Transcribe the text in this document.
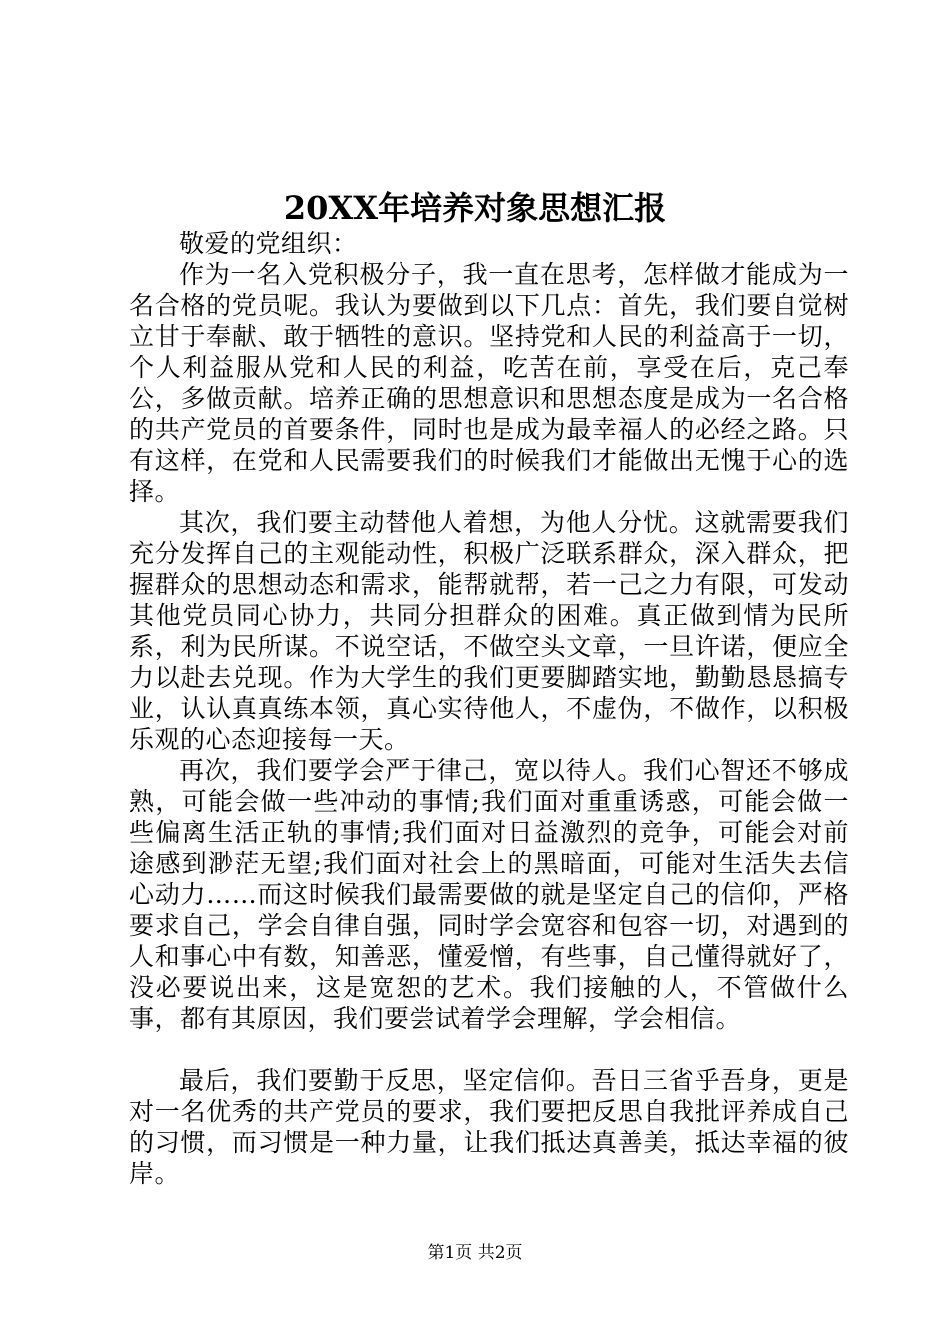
20XX年培养对象思想汇报

敬爱的党组织：

作为一名入党积极分子，我一直在思考，怎样做才能成为一名合格的党员呢。我认为要做到以下几点：首先，我们要自觉树立甘于奉献、敢于牺牲的意识。坚持党和人民的利益高于一切，个人利益服从党和人民的利益，吃苦在前，享受在后，克己奉公，多做贡献。培养正确的思想意识和思想态度是成为一名合格的共产党员的首要条件，同时也是成为最幸福人的必经之路。只有这样，在党和人民需要我们的时候我们才能做出无愧于心的选择。

其次，我们要主动替他人着想，为他人分忧。这就需要我们充分发挥自己的主观能动性，积极广泛联系群众，深入群众，把握群众的思想动态和需求，能帮就帮，若一己之力有限，可发动其他党员同心协力，共同分担群众的困难。真正做到情为民所系，利为民所谋。不说空话，不做空头文章，一旦许诺，便应全力以赴去兑现。作为大学生的我们更要脚踏实地，勤勤恳恳搞专业，认认真真练本领，真心实待他人，不虚伪，不做作，以积极乐观的心态迎接每一天。

再次，我们要学会严于律己，宽以待人。我们心智还不够成熟，可能会做一些冲动的事情;我们面对重重诱惑，可能会做一些偏离生活正轨的事情;我们面对日益激烈的竞争，可能会对前途感到渺茫无望;我们面对社会上的黑暗面，可能对生活失去信心动力……而这时候我们最需要做的就是坚定自己的信仰，严格要求自己，学会自律自强，同时学会宽容和包容一切，对遇到的人和事心中有数，知善恶，懂爱憎，有些事，自己懂得就好了，没必要说出来，这是宽恕的艺术。我们接触的人，不管做什么事，都有其原因，我们要尝试着学会理解，学会相信。

最后，我们要勤于反思，坚定信仰。吾日三省乎吾身，更是对一名优秀的共产党员的要求，我们要把反思自我批评养成自己的习惯，而习惯是一种力量，让我们抵达真善美，抵达幸福的彼岸。

第1页 共2页
